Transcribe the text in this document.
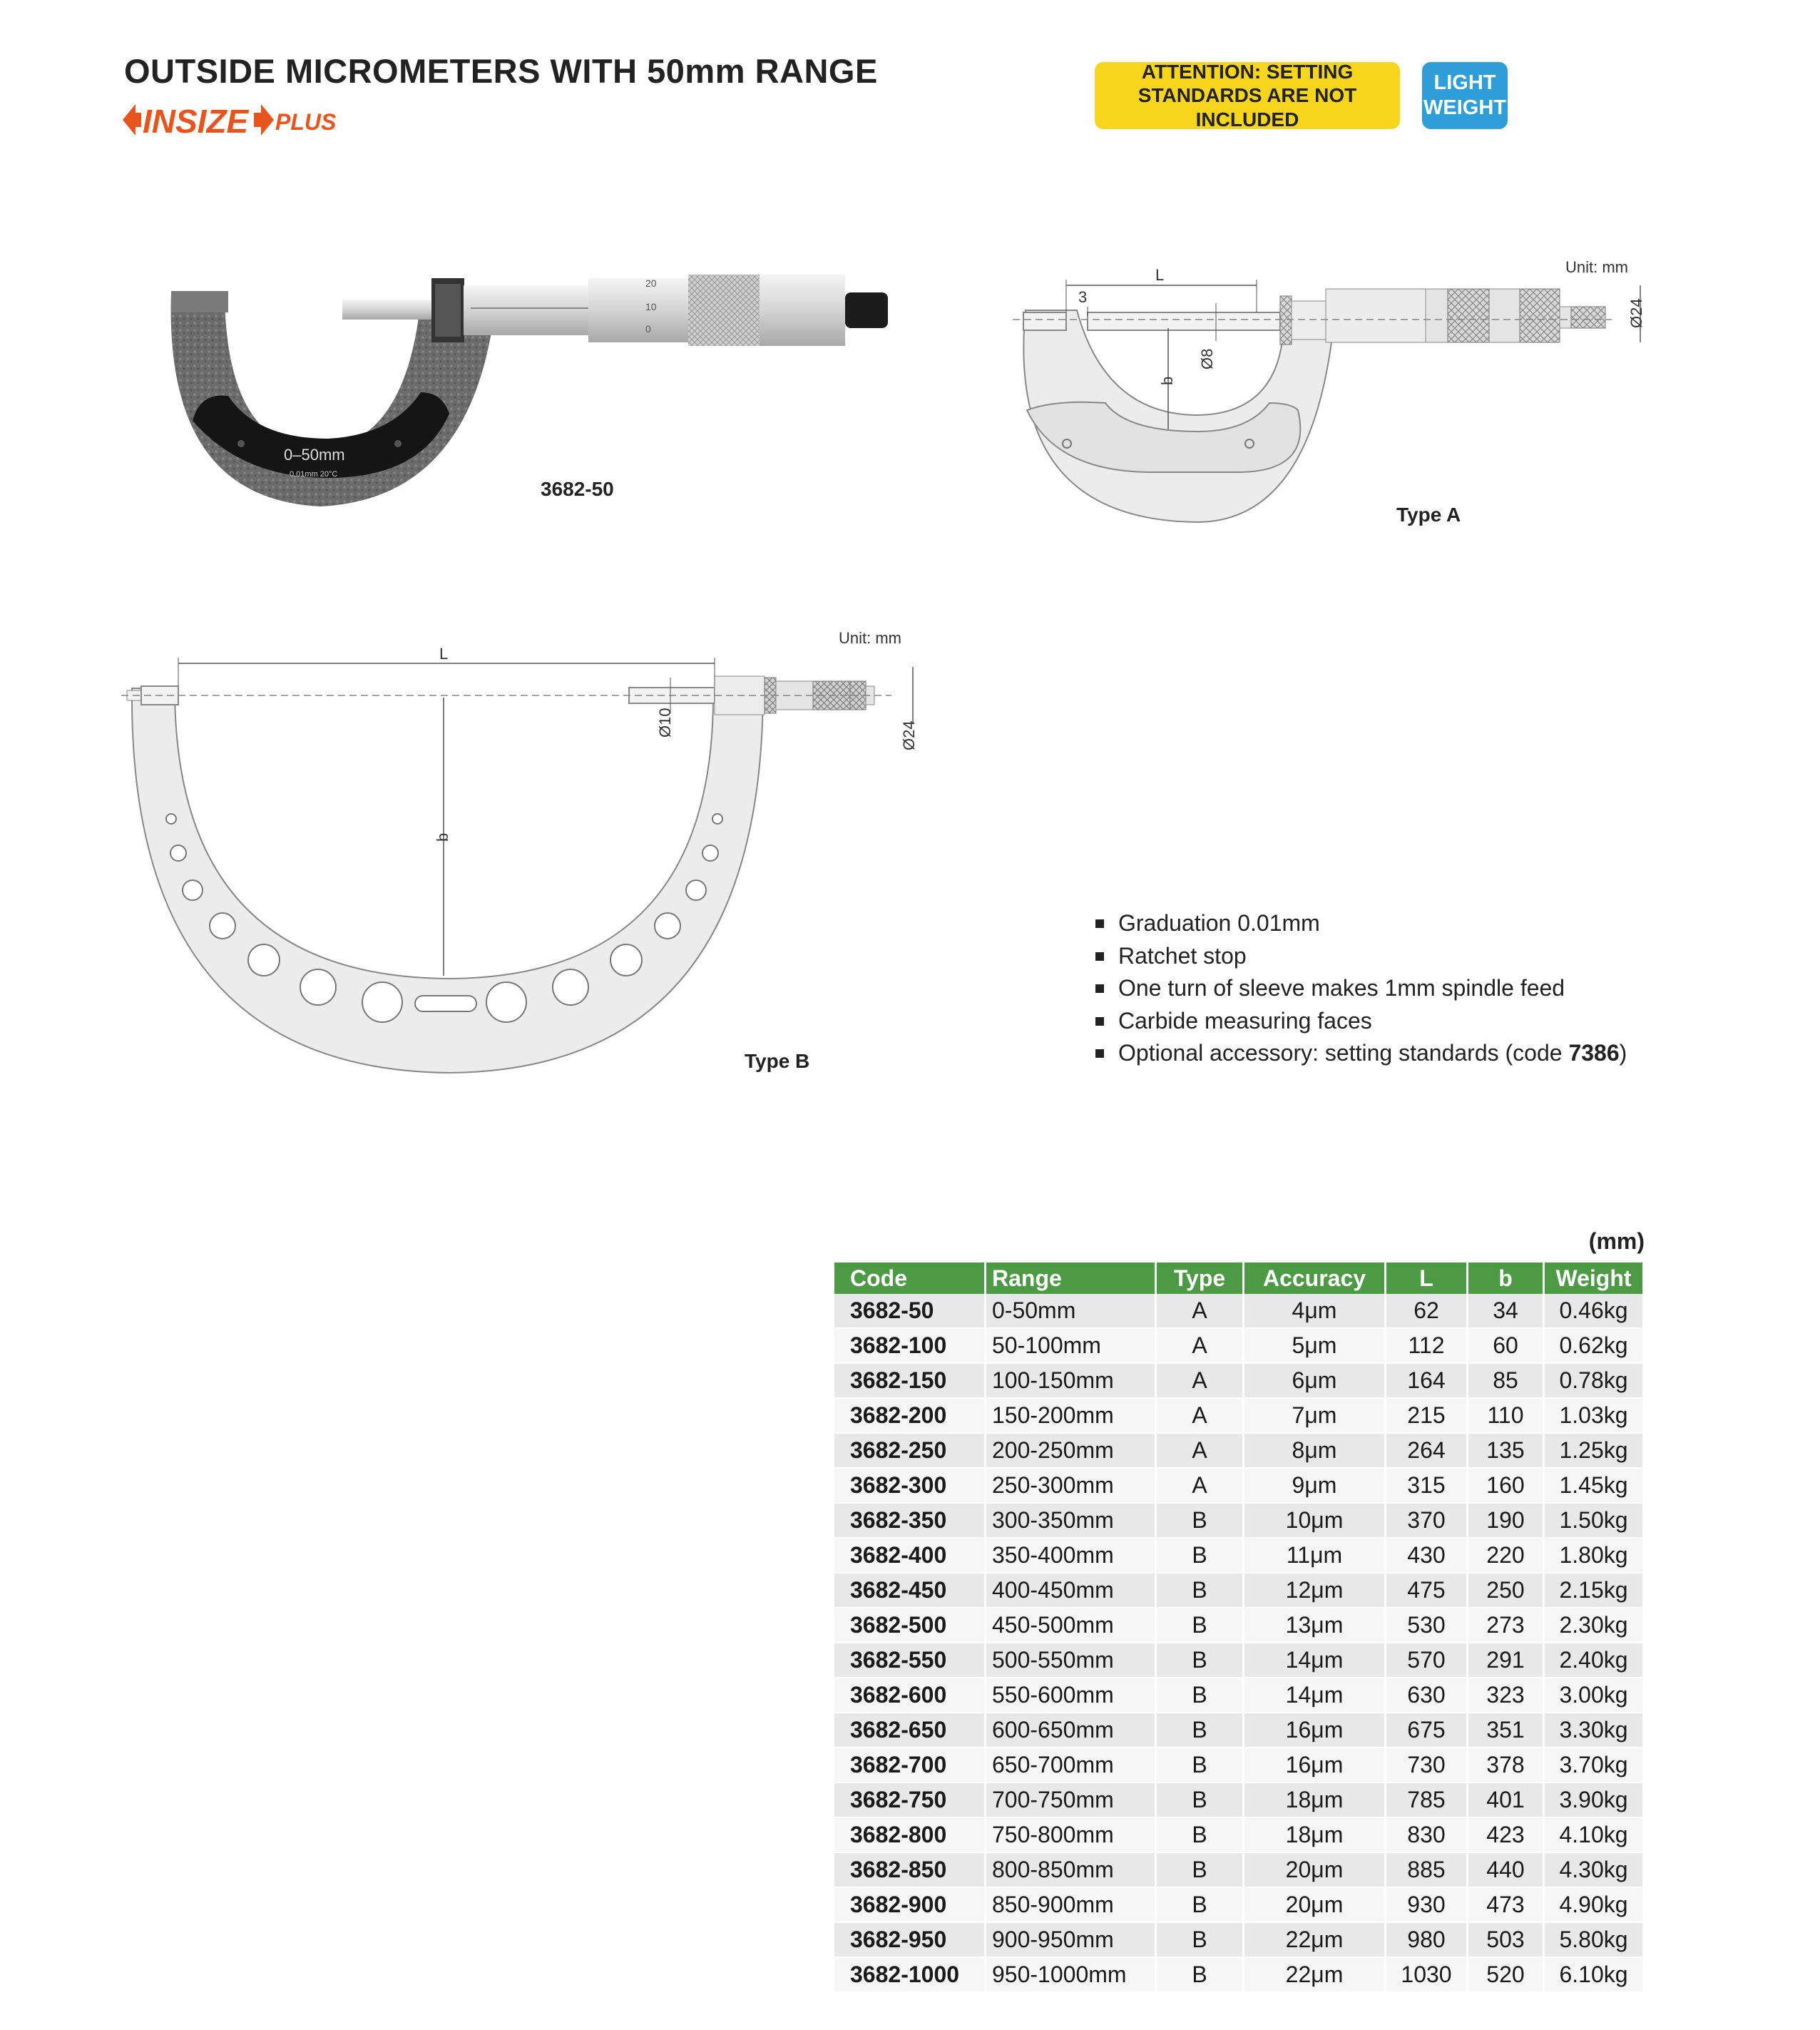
OUTSIDE MICROMETERS WITH 50mm RANGE
INSIZE PLUS
ATTENTION: SETTING STANDARDS ARE NOT INCLUDED
LIGHT WEIGHT
0–50mm
0,01mm 20°C
20
10
0
3682-50
L
3
b
Ø8
Ø24
Unit: mm
Type A
L
b
Ø10	Ø24
Unit: mm
Type B
Graduation 0.01mm
Ratchet stop
One turn of sleeve makes 1mm spindle feed
Carbide measuring faces
Optional accessory: setting standards (code 7386)
(mm)
Code	Range	Type	Accuracy	L	b	Weight
3682-50	0-50mm	A	4μm	62	34	0.46kg
3682-100	50-100mm	A	5μm	112	60	0.62kg
3682-150	100-150mm	A	6μm	164	85	0.78kg
3682-200	150-200mm	A	7μm	215	110	1.03kg
3682-250	200-250mm	A	8μm	264	135	1.25kg
3682-300	250-300mm	A	9μm	315	160	1.45kg
3682-350	300-350mm	B	10μm	370	190	1.50kg
3682-400	350-400mm	B	11μm	430	220	1.80kg
3682-450	400-450mm	B	12μm	475	250	2.15kg
3682-500	450-500mm	B	13μm	530	273	2.30kg
3682-550	500-550mm	B	14μm	570	291	2.40kg
3682-600	550-600mm	B	14μm	630	323	3.00kg
3682-650	600-650mm	B	16μm	675	351	3.30kg
3682-700	650-700mm	B	16μm	730	378	3.70kg
3682-750	700-750mm	B	18μm	785	401	3.90kg
3682-800	750-800mm	B	18μm	830	423	4.10kg
3682-850	800-850mm	B	20μm	885	440	4.30kg
3682-900	850-900mm	B	20μm	930	473	4.90kg
3682-950	900-950mm	B	22μm	980	503	5.80kg
3682-1000	950-1000mm	B	22μm	1030	520	6.10kg
